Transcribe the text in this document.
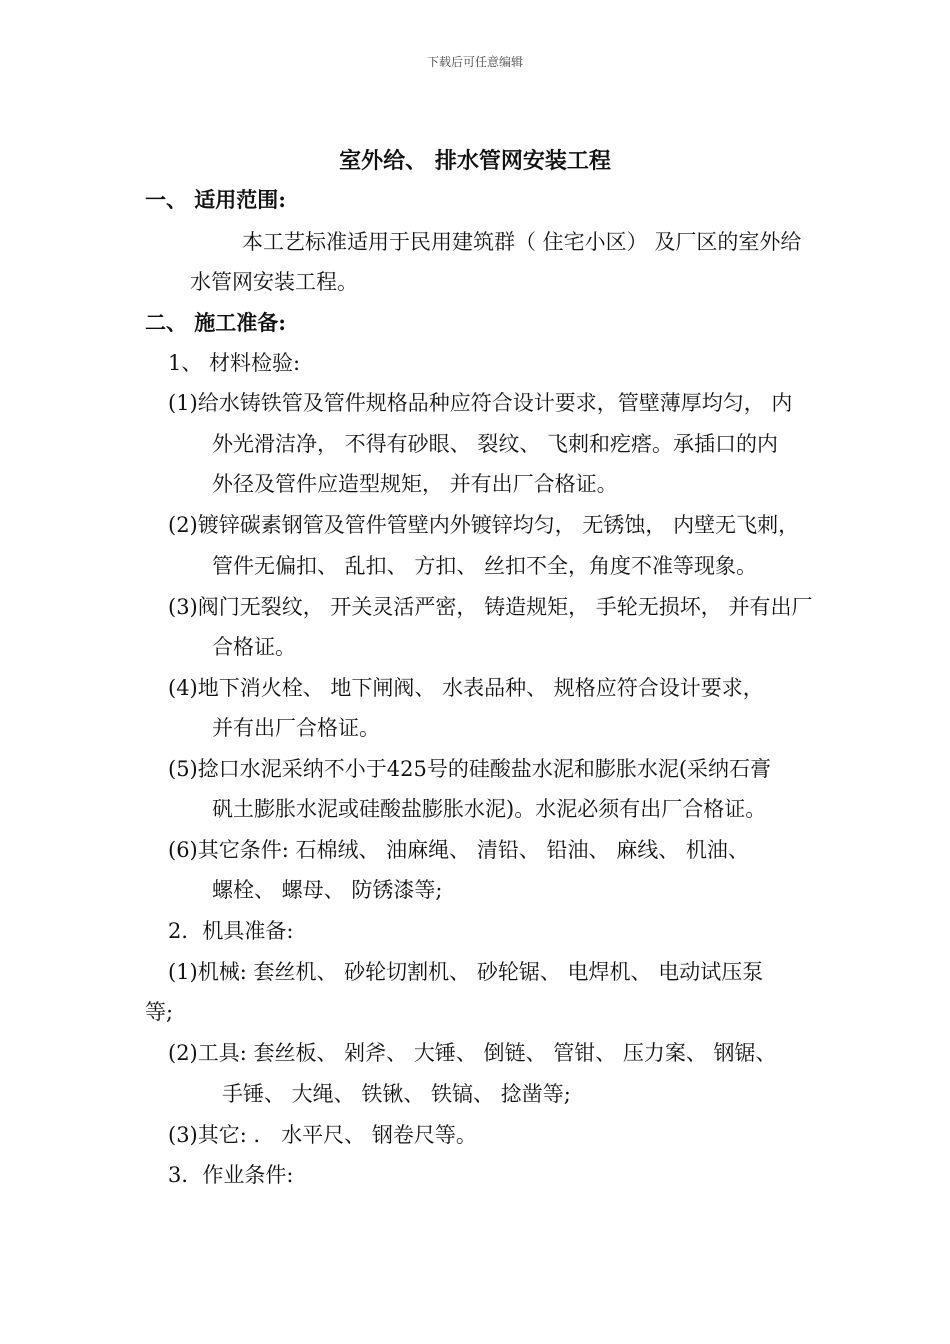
下载后可任意编辑
室外给、 排水管网安装工程
一、 适用范围:
本工艺标准适用于民用建筑群（ 住宅小区） 及厂区的室外给
水管网安装工程。
二、 施工准备:
1、 材料检验:
(1)给水铸铁管及管件规格品种应符合设计要求，管壁薄厚均匀， 内
外光滑洁净， 不得有砂眼、 裂纹、 飞刺和疙瘩。承插口的内
外径及管件应造型规矩， 并有出厂合格证。
(2)镀锌碳素钢管及管件管壁内外镀锌均匀， 无锈蚀， 内壁无飞刺，
管件无偏扣、 乱扣、 方扣、 丝扣不全，角度不准等现象。
(3)阀门无裂纹， 开关灵活严密， 铸造规矩， 手轮无损坏， 并有出厂
合格证。
(4)地下消火栓、 地下闸阀、 水表品种、 规格应符合设计要求，
并有出厂合格证。
(5)捻口水泥采纳不小于425号的硅酸盐水泥和膨胀水泥(采纳石膏
矾土膨胀水泥或硅酸盐膨胀水泥)。水泥必须有出厂合格证。
(6)其它条件: 石棉绒、 油麻绳、 清铅、 铅油、 麻线、 机油、
螺栓、 螺母、 防锈漆等;
2．机具准备:
(1)机械: 套丝机、 砂轮切割机、 砂轮锯、 电焊机、 电动试压泵
等;
(2)工具: 套丝板、 剁斧、 大锤、 倒链、 管钳、 压力案、 钢锯、
手锤、 大绳、 铁锹、 铁镐、 捻凿等;
(3)其它: ． 水平尺、 钢卷尺等。
3．作业条件:
